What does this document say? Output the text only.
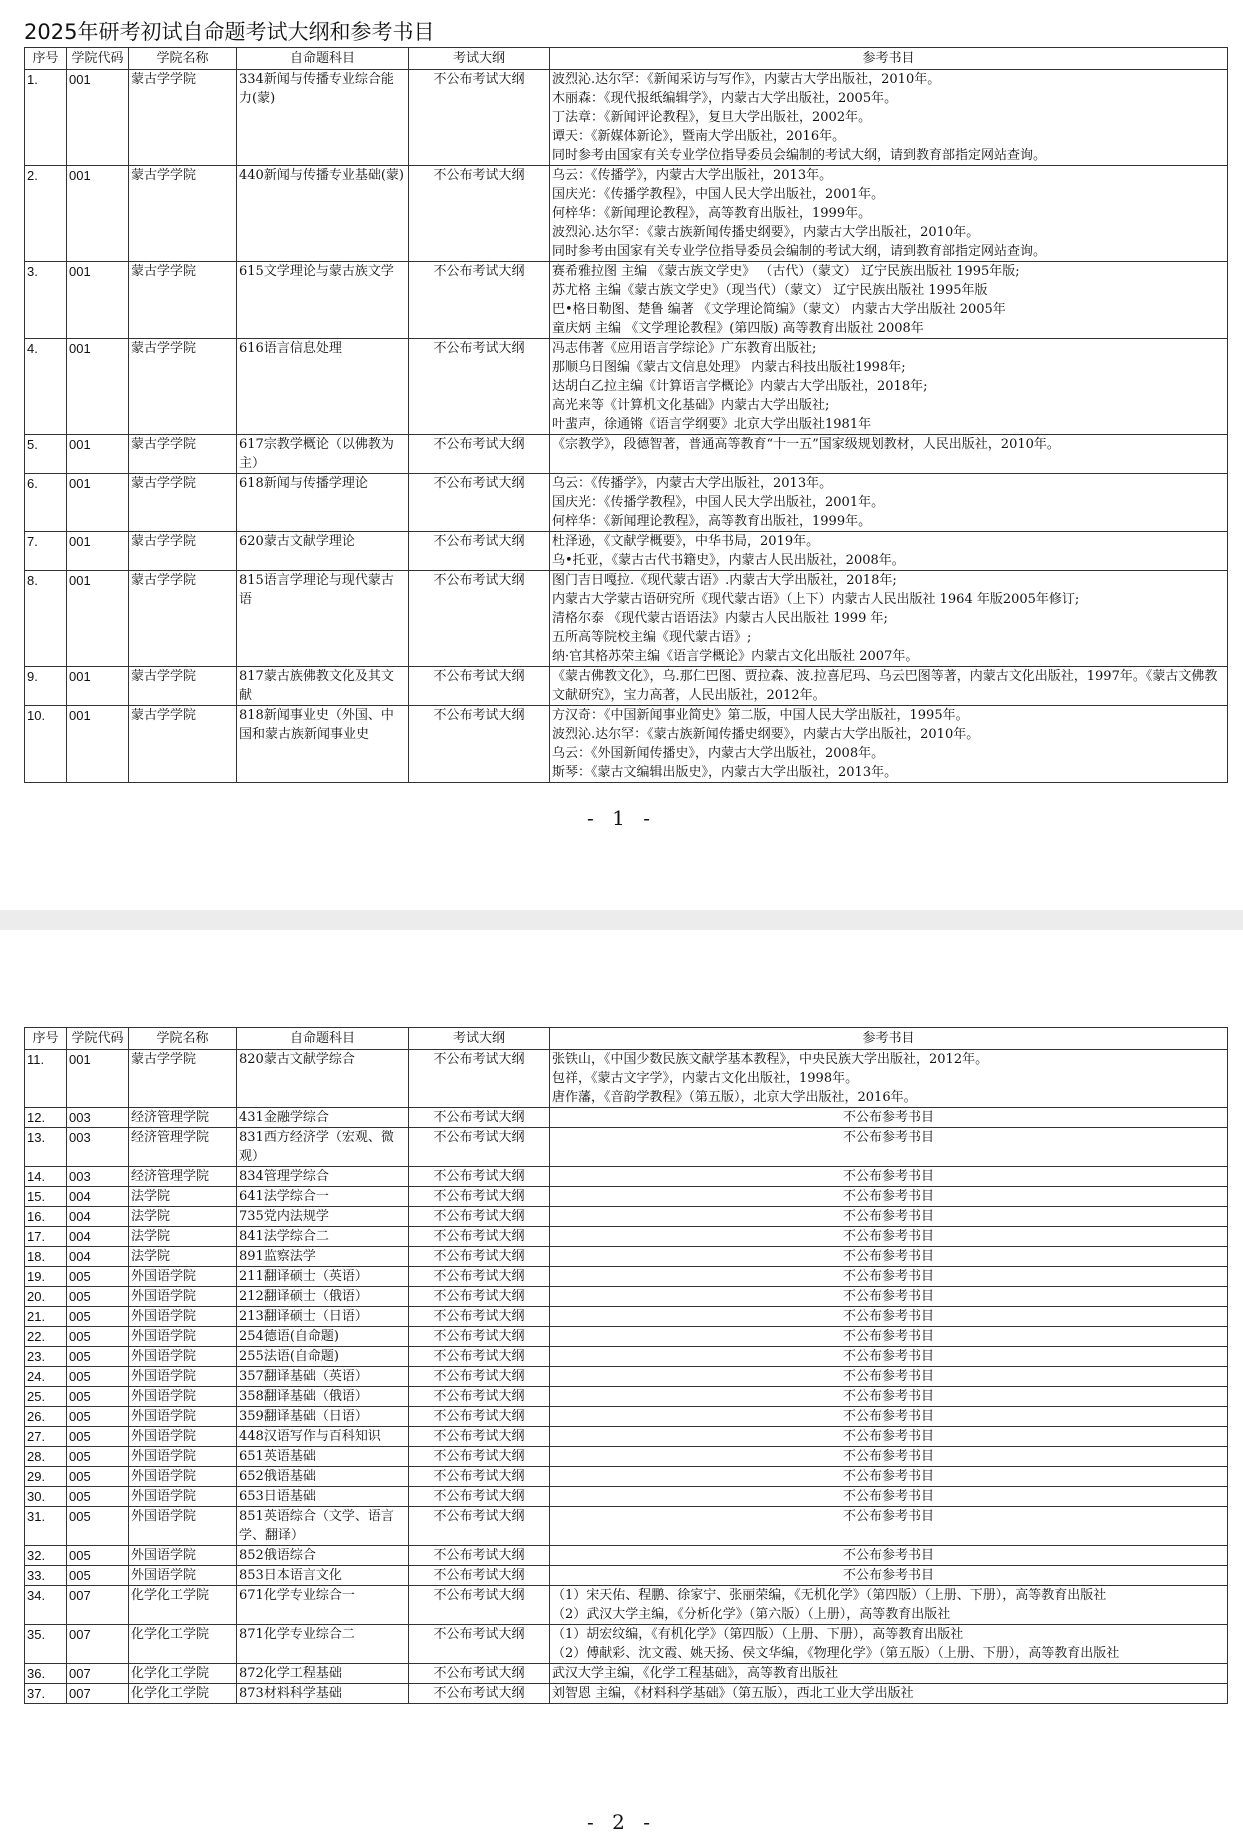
2025年研考初试自命题考试大纲和参考书目
序号	学院代码	学院名称	自命题科目	考试大纲	参考书目
1.	001	蒙古学学院	334新闻与传播专业综合能力(蒙)	不公布考试大纲	波烈沁.达尔罕：《新闻采访与写作》，内蒙古大学出版社，2010年。
木丽森：《现代报纸编辑学》，内蒙古大学出版社，2005年。
丁法章：《新闻评论教程》，复旦大学出版社，2002年。
谭天：《新媒体新论》，暨南大学出版社，2016年。
同时参考由国家有关专业学位指导委员会编制的考试大纲，请到教育部指定网站查询。

2.	001	蒙古学学院	440新闻与传播专业基础(蒙)	不公布考试大纲	乌云：《传播学》，内蒙古大学出版社，2013年。
国庆光：《传播学教程》，中国人民大学出版社，2001年。
何梓华：《新闻理论教程》，高等教育出版社，1999年。
波烈沁.达尔罕：《蒙古族新闻传播史纲要》，内蒙古大学出版社，2010年。
同时参考由国家有关专业学位指导委员会编制的考试大纲，请到教育部指定网站查询。

3.	001	蒙古学学院	615文学理论与蒙古族文学	不公布考试大纲	赛希雅拉图 主编 《蒙古族文学史》 （古代）（蒙文） 辽宁民族出版社 1995年版;
苏尤格 主编《蒙古族文学史》（现当代）（蒙文） 辽宁民族出版社 1995年版
巴•格日勒图、楚鲁 编著 《文学理论简编》（蒙文） 内蒙古大学出版社 2005年
童庆炳 主编 《文学理论教程》(第四版) 高等教育出版社 2008年

4.	001	蒙古学学院	616语言信息处理	不公布考试大纲	冯志伟著《应用语言学综论》广东教育出版社;
那顺乌日图编《蒙古文信息处理》 内蒙古科技出版社1998年;
达胡白乙拉主编《计算语言学概论》内蒙古大学出版社，2018年;
高光来等《计算机文化基础》内蒙古大学出版社;
叶蜚声，徐通锵《语言学纲要》北京大学出版社1981年

5.	001	蒙古学学院	617宗教学概论（以佛教为主）	不公布考试大纲	《宗教学》，段德智著，普通高等教育“十一五”国家级规划教材，人民出版社，2010年。

6.	001	蒙古学学院	618新闻与传播学理论	不公布考试大纲	乌云：《传播学》，内蒙古大学出版社，2013年。
国庆光：《传播学教程》，中国人民大学出版社，2001年。
何梓华：《新闻理论教程》，高等教育出版社，1999年。

7.	001	蒙古学学院	620蒙古文献学理论	不公布考试大纲	杜泽逊，《文献学概要》，中华书局，2019年。
乌•托亚，《蒙古古代书籍史》，内蒙古人民出版社，2008年。

8.	001	蒙古学学院	815语言学理论与现代蒙古语	不公布考试大纲	图门吉日嘎拉.《现代蒙古语》.内蒙古大学出版社，2018年;
内蒙古大学蒙古语研究所《现代蒙古语》（上下）内蒙古人民出版社 1964 年版2005年修订;
清格尔泰 《现代蒙古语语法》内蒙古人民出版社 1999 年;
五所高等院校主编《现代蒙古语》;
纳·官其格苏荣主编《语言学概论》内蒙古文化出版社 2007年。

9.	001	蒙古学学院	817蒙古族佛教文化及其文献	不公布考试大纲	《蒙古佛教文化》，乌.那仁巴图、贾拉森、波.拉喜尼玛、乌云巴图等著，内蒙古文化出版社，1997年。《蒙古文佛教文献研究》，宝力高著，人民出版社，2012年。

10.	001	蒙古学学院	818新闻事业史（外国、中国和蒙古族新闻事业史	不公布考试大纲	方汉奇：《中国新闻事业简史》第二版，中国人民大学出版社，1995年。
波烈沁.达尔罕：《蒙古族新闻传播史纲要》，内蒙古大学出版社，2010年。
乌云：《外国新闻传播史》，内蒙古大学出版社，2008年。
斯琴：《蒙古文编辑出版史》，内蒙古大学出版社，2013年。
- 1 -
序号	学院代码	学院名称	自命题科目	考试大纲	参考书目
11.	001	蒙古学学院	820蒙古文献学综合	不公布考试大纲	张铁山，《中国少数民族文献学基本教程》，中央民族大学出版社，2012年。
包祥，《蒙古文字学》，内蒙古文化出版社，1998年。
唐作藩，《音韵学教程》（第五版），北京大学出版社，2016年。

12.	003	经济管理学院	431金融学综合	不公布考试大纲	不公布参考书目

13.	003	经济管理学院	831西方经济学（宏观、微观）	不公布考试大纲	不公布参考书目

14.	003	经济管理学院	834管理学综合	不公布考试大纲	不公布参考书目

15.	004	法学院	641法学综合一	不公布考试大纲	不公布参考书目

16.	004	法学院	735党内法规学	不公布考试大纲	不公布参考书目

17.	004	法学院	841法学综合二	不公布考试大纲	不公布参考书目

18.	004	法学院	891监察法学	不公布考试大纲	不公布参考书目

19.	005	外国语学院	211翻译硕士（英语）	不公布考试大纲	不公布参考书目

20.	005	外国语学院	212翻译硕士（俄语）	不公布考试大纲	不公布参考书目

21.	005	外国语学院	213翻译硕士（日语）	不公布考试大纲	不公布参考书目

22.	005	外国语学院	254德语(自命题)	不公布考试大纲	不公布参考书目

23.	005	外国语学院	255法语(自命题)	不公布考试大纲	不公布参考书目

24.	005	外国语学院	357翻译基础（英语）	不公布考试大纲	不公布参考书目

25.	005	外国语学院	358翻译基础（俄语）	不公布考试大纲	不公布参考书目

26.	005	外国语学院	359翻译基础（日语）	不公布考试大纲	不公布参考书目

27.	005	外国语学院	448汉语写作与百科知识	不公布考试大纲	不公布参考书目

28.	005	外国语学院	651英语基础	不公布考试大纲	不公布参考书目

29.	005	外国语学院	652俄语基础	不公布考试大纲	不公布参考书目

30.	005	外国语学院	653日语基础	不公布考试大纲	不公布参考书目

31.	005	外国语学院	851英语综合（文学、语言学、翻译）	不公布考试大纲	不公布参考书目

32.	005	外国语学院	852俄语综合	不公布考试大纲	不公布参考书目

33.	005	外国语学院	853日本语言文化	不公布考试大纲	不公布参考书目

34.	007	化学化工学院	671化学专业综合一	不公布考试大纲	（1）宋天佑、程鹏、徐家宁、张丽荣编，《无机化学》（第四版）（上册、下册），高等教育出版社
（2）武汉大学主编，《分析化学》（第六版）（上册），高等教育出版社

35.	007	化学化工学院	871化学专业综合二	不公布考试大纲	（1）胡宏纹编，《有机化学》（第四版）（上册、下册），高等教育出版社
（2）傅献彩、沈文霞、姚天扬、侯文华编，《物理化学》（第五版）（上册、下册），高等教育出版社

36.	007	化学化工学院	872化学工程基础	不公布考试大纲	武汉大学主编，《化学工程基础》，高等教育出版社

37.	007	化学化工学院	873材料科学基础	不公布考试大纲	刘智恩 主编，《材料科学基础》（第五版），西北工业大学出版社
- 2 -
